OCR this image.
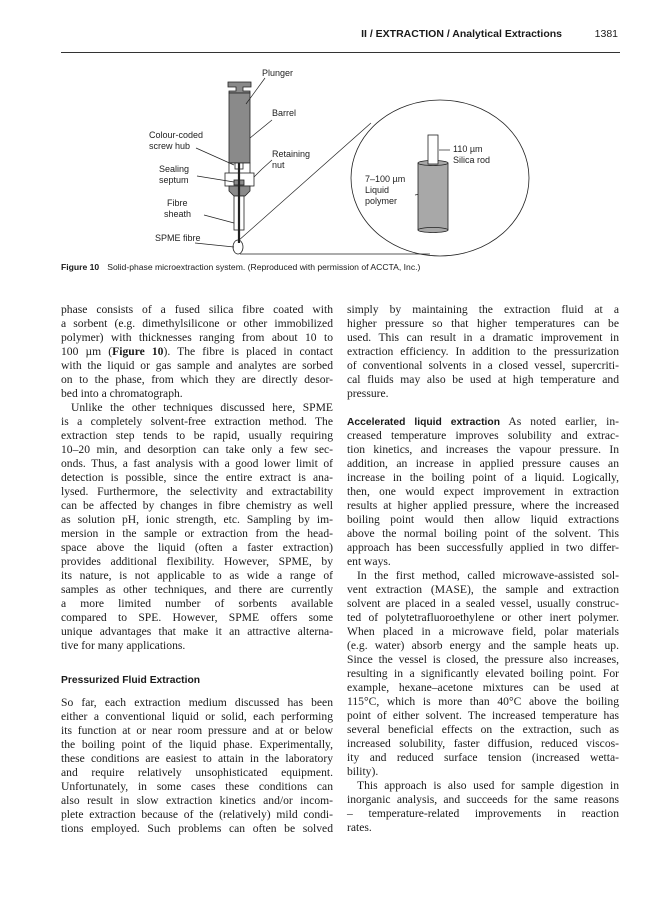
II / EXTRACTION / Analytical Extractions	1381
Plunger
Barrel
Colour-coded
screw hub
Retaining
nut
Sealing
septum
Fibre
sheath
SPME fibre
110 µm
Silica rod
7–100 µm
Liquid
polymer
Figure 10 Solid-phase microextraction system. (Reproduced with permission of ACCTA, Inc.)
phase consists of a fused silica fibre coated with
a sorbent (e.g. dimethylsilicone or other immobilized
polymer) with thicknesses ranging from about 10 to
100 µm (Figure 10). The fibre is placed in contact
with the liquid or gas sample and analytes are sorbed
on to the phase, from which they are directly desor-
bed into a chromatograph.
Unlike the other techniques discussed here, SPME
is a completely solvent-free extraction method. The
extraction step tends to be rapid, usually requiring
10–20 min, and desorption can take only a few sec-
onds. Thus, a fast analysis with a good lower limit of
detection is possible, since the entire extract is ana-
lysed. Furthermore, the selectivity and extractability
can be affected by changes in fibre chemistry as well
as solution pH, ionic strength, etc. Sampling by im-
mersion in the sample or extraction from the head-
space above the liquid (often a faster extraction)
provides additional flexibility. However, SPME, by
its nature, is not applicable to as wide a range of
samples as other techniques, and there are currently
a more limited number of sorbents available
compared to SPE. However, SPME offers some
unique advantages that make it an attractive alterna-
tive for many applications.
Pressurized Fluid Extraction
So far, each extraction medium discussed has been
either a conventional liquid or solid, each performing
its function at or near room pressure and at or below
the boiling point of the liquid phase. Experimentally,
these conditions are easiest to attain in the laboratory
and require relatively unsophisticated equipment.
Unfortunately, in some cases these conditions can
also result in slow extraction kinetics and/or incom-
plete extraction because of the (relatively) mild condi-
tions employed. Such problems can often be solved
simply by maintaining the extraction fluid at a
higher pressure so that higher temperatures can be
used. This can result in a dramatic improvement in
extraction efficiency. In addition to the pressurization
of conventional solvents in a closed vessel, supercriti-
cal fluids may also be used at high temperature and
pressure.
Accelerated liquid extraction As noted earlier, in-
creased temperature improves solubility and extrac-
tion kinetics, and increases the vapour pressure. In
addition, an increase in applied pressure causes an
increase in the boiling point of a liquid. Logically,
then, one would expect improvement in extraction
results at higher applied pressure, where the increased
boiling point would then allow liquid extractions
above the normal boiling point of the solvent. This
approach has been successfully applied in two differ-
ent ways.
In the first method, called microwave-assisted sol-
vent extraction (MASE), the sample and extraction
solvent are placed in a sealed vessel, usually construc-
ted of polytetrafluoroethylene or other inert polymer.
When placed in a microwave field, polar materials
(e.g. water) absorb energy and the sample heats up.
Since the vessel is closed, the pressure also increases,
resulting in a significantly elevated boiling point. For
example, hexane–acetone mixtures can be used at
115°C, which is more than 40°C above the boiling
point of either solvent. The increased temperature has
several beneficial effects on the extraction, such as
increased solubility, faster diffusion, reduced viscos-
ity and reduced surface tension (increased wetta-
bility).
This approach is also used for sample digestion in
inorganic analysis, and succeeds for the same reasons
– temperature-related improvements in reaction
rates.
